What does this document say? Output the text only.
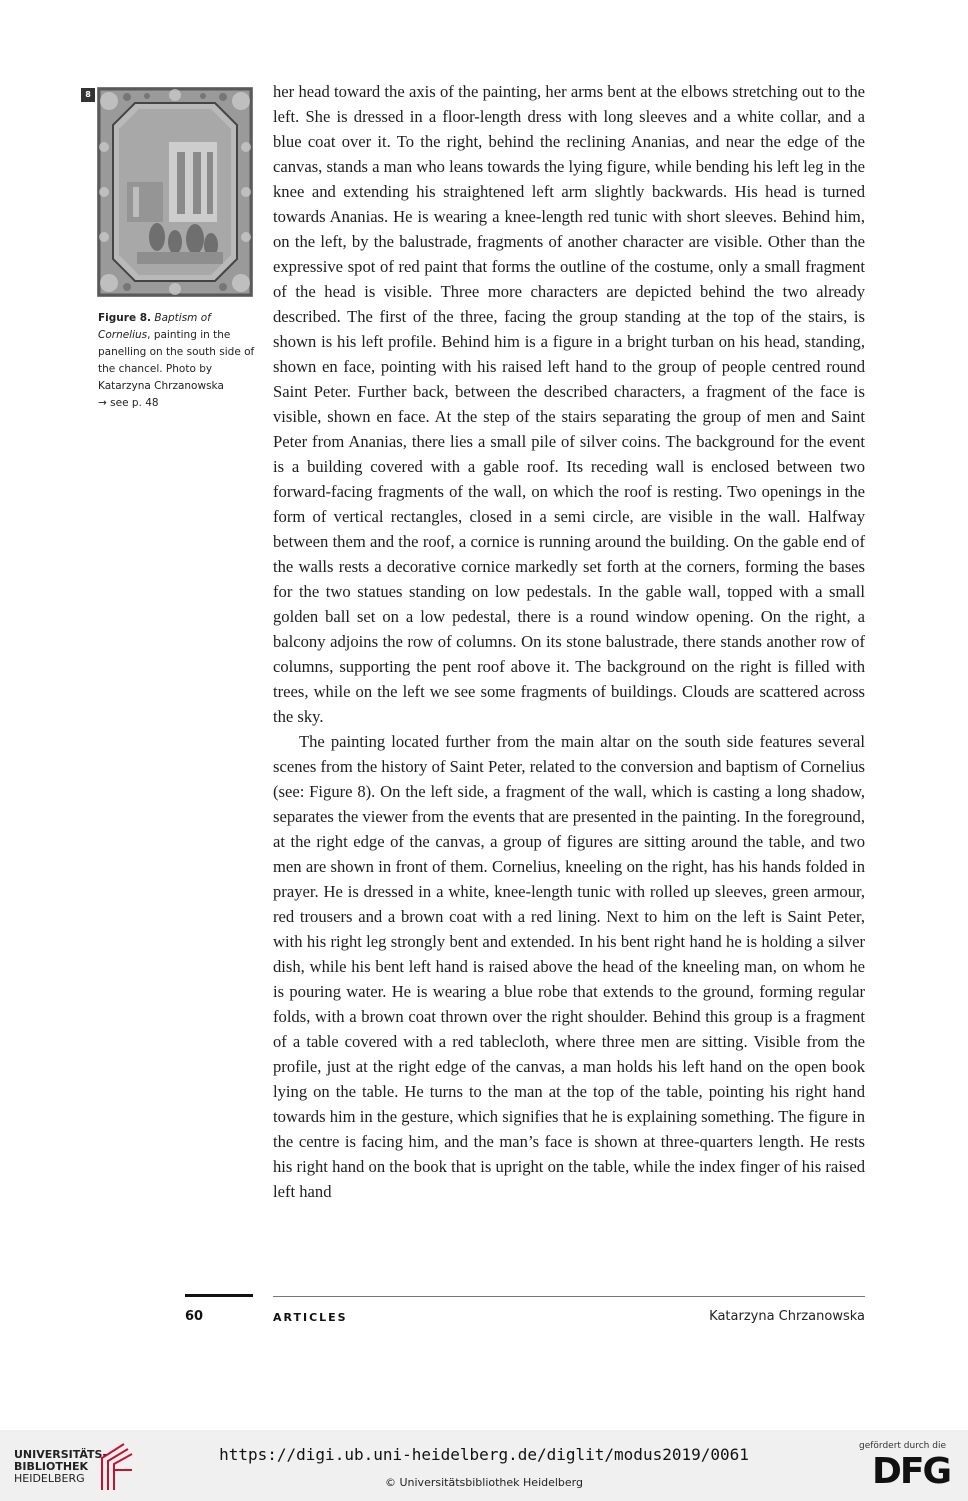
8
Figure 8. Baptism of Cornelius, painting in the panelling on the south side of the chancel. Photo by Katarzyna Chrzanowska
→ see p. 48

her head toward the axis of the painting, her arms bent at the elbows stretching out to the left. She is dressed in a floor-length dress with long sleeves and a white collar, and a blue coat over it. To the right, behind the reclining Ananias, and near the edge of the canvas, stands a man who leans towards the lying figure, while bending his left leg in the knee and extending his straightened left arm slightly backwards. His head is turned towards Ananias. He is wearing a knee-length red tunic with short sleeves. Behind him, on the left, by the balustrade, fragments of another character are visible. Other than the expressive spot of red paint that forms the outline of the costume, only a small fragment of the head is visible. Three more characters are depicted behind the two already described. The first of the three, facing the group standing at the top of the stairs, is shown is his left profile. Behind him is a figure in a bright turban on his head, standing, shown en face, pointing with his raised left hand to the group of people centred round Saint Peter. Further back, between the described characters, a fragment of the face is visible, shown en face. At the step of the stairs separating the group of men and Saint Peter from Ananias, there lies a small pile of silver coins. The background for the event is a building covered with a gable roof. Its receding wall is enclosed between two forward-facing fragments of the wall, on which the roof is resting. Two openings in the form of vertical rectangles, closed in a semi circle, are visible in the wall. Halfway between them and the roof, a cornice is running around the building. On the gable end of the walls rests a decorative cornice markedly set forth at the corners, forming the bases for the two statues standing on low pedestals. In the gable wall, topped with a small golden ball set on a low pedestal, there is a round window opening. On the right, a balcony adjoins the row of columns. On its stone balustrade, there stands another row of columns, supporting the pent roof above it. The background on the right is filled with trees, while on the left we see some fragments of buildings. Clouds are scattered across the sky.

The painting located further from the main altar on the south side features several scenes from the history of Saint Peter, related to the conversion and baptism of Cornelius (see: Figure 8). On the left side, a fragment of the wall, which is casting a long shadow, separates the viewer from the events that are presented in the painting. In the foreground, at the right edge of the canvas, a group of figures are sitting around the table, and two men are shown in front of them. Cornelius, kneeling on the right, has his hands folded in prayer. He is dressed in a white, knee-length tunic with rolled up sleeves, green armour, red trousers and a brown coat with a red lining. Next to him on the left is Saint Peter, with his right leg strongly bent and extended. In his bent right hand he is holding a silver dish, while his bent left hand is raised above the head of the kneeling man, on whom he is pouring water. He is wearing a blue robe that extends to the ground, forming regular folds, with a brown coat thrown over the right shoulder. Behind this group is a fragment of a table covered with a red tablecloth, where three men are sitting. Visible from the profile, just at the right edge of the canvas, a man holds his left hand on the open book lying on the table. He turns to the man at the top of the table, pointing his right hand towards him in the gesture, which signifies that he is explaining something. The figure in the centre is facing him, and the man’s face is shown at three-quarters length. He rests his right hand on the book that is upright on the table, while the index finger of his raised left hand

60	ARTICLES	Katarzyna Chrzanowska
UNIVERSITÄTS-
BIBLIOTHEK
HEIDELBERG
https://digi.ub.uni-heidelberg.de/diglit/modus2019/0061
© Universitätsbibliothek Heidelberg
gefördert durch die
DFG
